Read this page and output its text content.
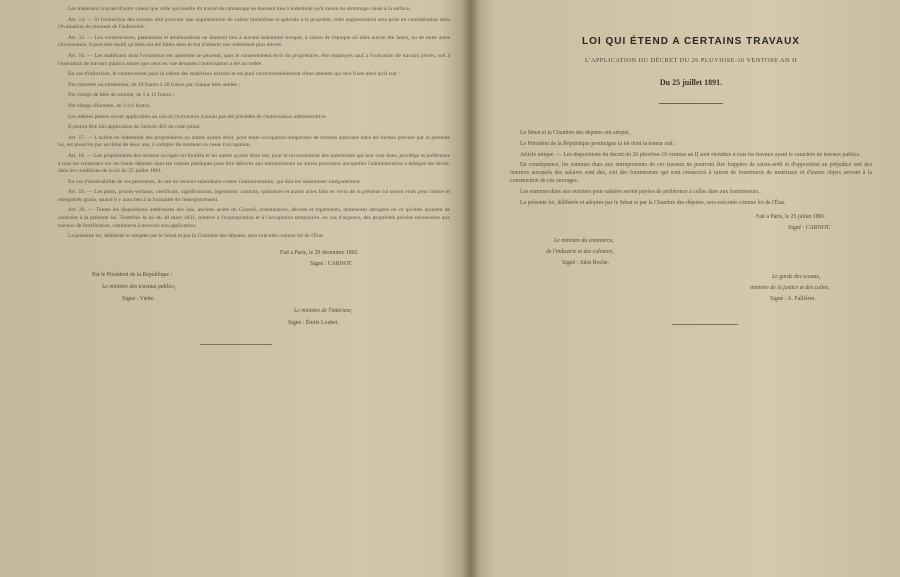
Les matériaux n'ayant d'autre valeur que celle qui résulte du travail de ramassage ne donnent lieu à indemnité qu'à raison du dommage causé à la surface.

Art. 14. — Si l'extraction des travaux doit procurer une augmentation de valeur immédiate et spéciale à la propriété, cette augmentation sera prise en considération dans l'évaluation du montant de l'indemnité.

Art. 15. — Les constructions, plantations et améliorations ne donnent lieu à aucune indemnité lorsque, à raison de l'époque où elles auront été faites, ou de toute autre circonstance, il peut être établi qu'elles ont été faites dans le but d'obtenir une indemnité plus élevée.

Art. 16. — Les matériaux dont l'extraction est autorisée ne peuvent, sans le consentement écrit du propriétaire, être employés sauf à l'exécution de travaux privés, soit à l'exécution de travaux publics autres que ceux en vue desquels l'autorisation a été accordée.

En cas d'infraction, le contrevenant paye la valeur des matériaux extraits et est puni correctionnellement d'une amende qui sera fixée ainsi qu'il suit :

Par charrette ou tombereau, de 10 francs à 30 francs par chaque bête attelée ;

Par charge de bête de somme, de 5 à 15 francs ;

Par charge d'homme, de 2 à 6 francs.

Les mêmes peines seront applicables au cas où l'extraction n'aurait pas été précédée de l'autorisation administrative.

Il pourra être fait application de l'article 463 du code pénal.

Art. 17. — L'action en indemnité des propriétaires ou autres ayants droit, pour toute occupation temporaire de terrains autorisée dans les formes prévues par la présente loi, est prescrite par un délai de deux ans, à compter du moment où cesse l'occupation.

Art. 18. — Les propriétaires des terrains occupés ou fouillés et les autres ayants droit ont, pour le recouvrement des indemnités qui leur sont dues, privilège et préférence à tous les créanciers sur les fonds déposés dans les caisses publiques pour être délivrés aux entrepreneurs ou autres personnes auxquelles l'administration a délégué ses droits, dans les conditions de la loi du 25 juillet 1891.

En cas d'insolvabilité de ces personnes, ils ont un recours subsidiaire contre l'administration, qui doit les indemniser intégralement.

Art. 19. — Les plans, procès-verbaux, certificats, significations, jugements, contrats, quittances et autres actes faits en vertu de la présente loi seront visés pour timbre et enregistrés gratis, quand il y aura lieu à la formalité de l'enregistrement.

Art. 20. — Toutes les dispositions antérieures des lois, anciens arrêts du Conseil, ordonnances, décrets et règlements, demeurent abrogées en ce qu'elles auraient de contraire à la présente loi. Toutefois la loi du 30 mars 1831, relative à l'expropriation et à l'occupation temporaire, en cas d'urgence, des propriétés privées nécessaires aux travaux de fortification, continuera à recevoir son application.

La présente loi, délibérée et adoptée par le Sénat et par la Chambre des députés, sera exécutée comme loi de l'État.

Fait à Paris, le 29 décembre 1892.
Signé : CARNOT.
Par le Président de la République :
Le ministre des travaux publics,
Signé : Viette.
Le ministre de l'intérieur,
Signé : Émile Loubet.
LOI QUI ÉTEND A CERTAINS TRAVAUX
L'APPLICATION DU DÉCRET DU 26 PLUVIOSE-16 VENTOSE AN II
Du 25 juillet 1891.

Le Sénat et la Chambre des députés ont adopté,

Le Président de la République promulgue la loi dont la teneur suit :

Article unique. — Les dispositions du décret du 26 pluviôse-16 ventôse an II sont étendues à tous les travaux ayant le caractère de travaux publics.

En conséquence, les sommes dues aux entrepreneurs de ces travaux ne pourront être frappées de saisie-arrêt et d'opposition au préjudice soit des ouvriers auxquels des salaires sont dus, soit des fournisseurs qui sont créanciers à raison de fournitures de matériaux et d'autres objets servant à la construction de ces ouvrages.

Les sommes dues aux ouvriers pour salaires seront payées de préférence à celles dues aux fournisseurs.

La présente loi, délibérée et adoptée par le Sénat et par la Chambre des députés, sera exécutée comme loi de l'État.

Fait à Paris, le 25 juillet 1891.
Signé : CARNOT.
Le ministre du commerce,
de l'industrie et des colonies,
Signé : Jules Roche.
Le garde des sceaux,
ministre de la justice et des cultes,
Signé : A. Fallières.
